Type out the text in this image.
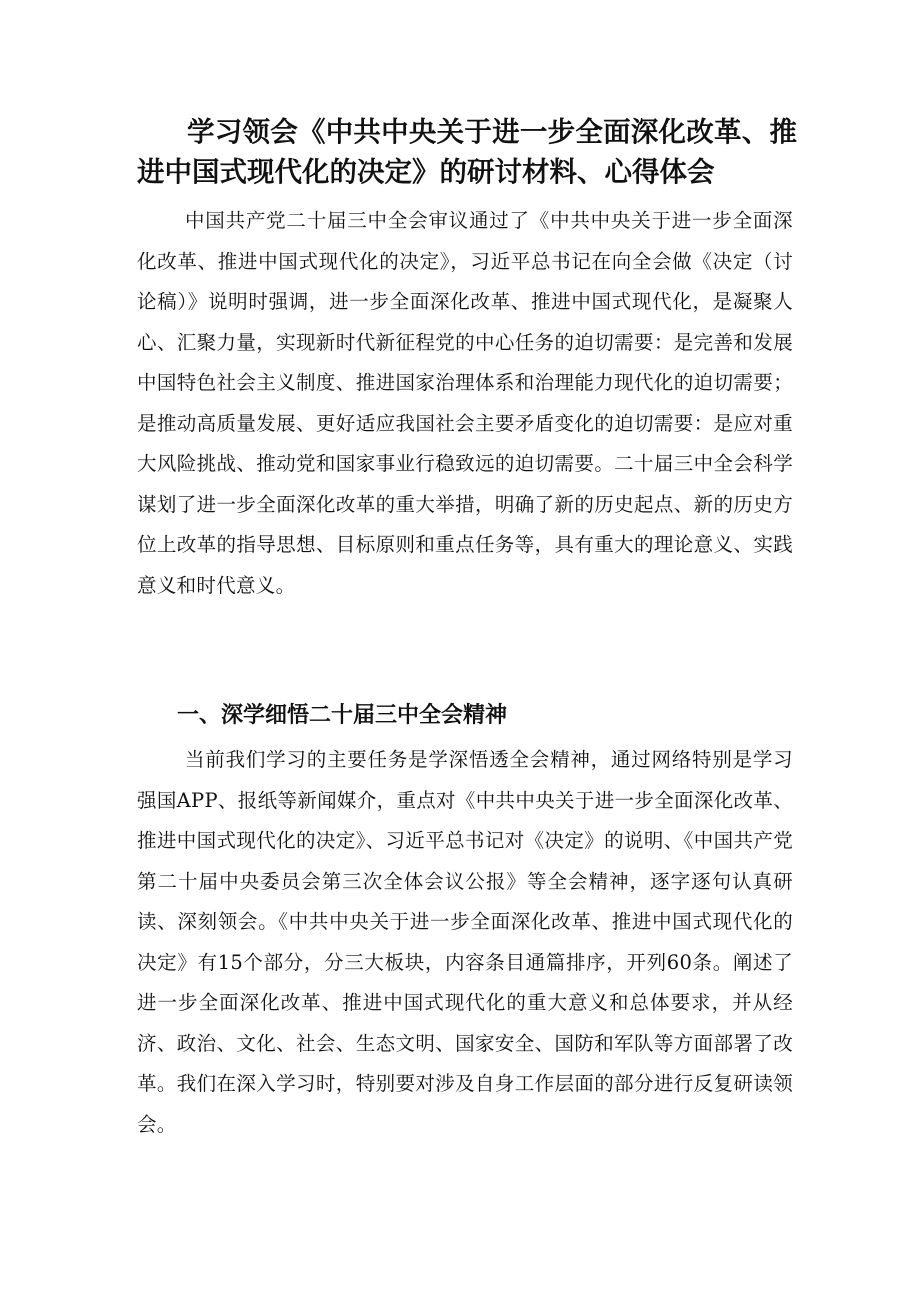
学习领会《中共中央关于进一步全面深化改革、推进中国式现代化的决定》的研讨材料、心得体会

中国共产党二十届三中全会审议通过了《中共中央关于进一步全面深化改革、推进中国式现代化的决定》，习近平总书记在向全会做《决定（讨论稿）》说明时强调，进一步全面深化改革、推进中国式现代化，是凝聚人心、汇聚力量，实现新时代新征程党的中心任务的迫切需要：是完善和发展中国特色社会主义制度、推进国家治理体系和治理能力现代化的迫切需要；是推动高质量发展、更好适应我国社会主要矛盾变化的迫切需要：是应对重大风险挑战、推动党和国家事业行稳致远的迫切需要。二十届三中全会科学谋划了进一步全面深化改革的重大举措，明确了新的历史起点、新的历史方位上改革的指导思想、目标原则和重点任务等，具有重大的理论意义、实践意义和时代意义。

一、深学细悟二十届三中全会精神

当前我们学习的主要任务是学深悟透全会精神，通过网络特别是学习强国APP、报纸等新闻媒介，重点对《中共中央关于进一步全面深化改革、推进中国式现代化的决定》、习近平总书记对《决定》的说明、《中国共产党第二十届中央委员会第三次全体会议公报》等全会精神，逐字逐句认真研读、深刻领会。《中共中央关于进一步全面深化改革、推进中国式现代化的决定》有15个部分，分三大板块，内容条目通篇排序，开列60条。阐述了进一步全面深化改革、推进中国式现代化的重大意义和总体要求，并从经济、政治、文化、社会、生态文明、国家安全、国防和军队等方面部署了改革。我们在深入学习时，特别要对涉及自身工作层面的部分进行反复研读领会。
